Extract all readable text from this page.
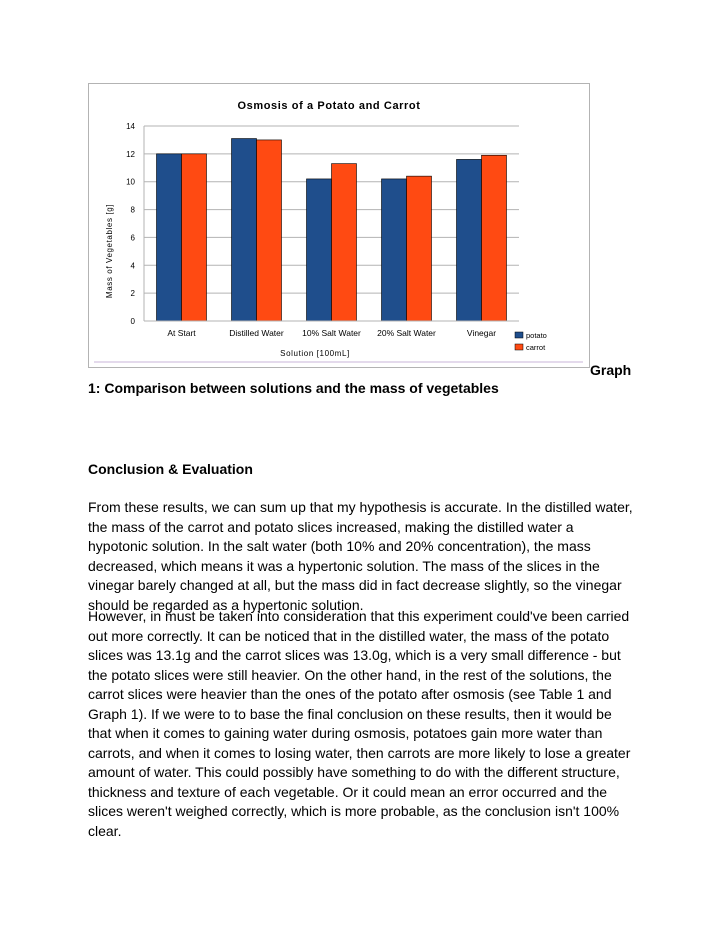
Osmosis of a Potato and Carrot
0
2
4
6
8
10
12
14
At Start	Distilled Water 10% Salt Water 20% Salt Water	Vinegar
Mass of Vegetables [g]
Solution [100mL]
potato
carrot
Graph
1: Comparison between solutions and the mass of vegetables
Conclusion & Evaluation

From these results, we can sum up that my hypothesis is accurate. In the distilled water,
the mass of the carrot and potato slices increased, making the distilled water a
hypotonic solution. In the salt water (both 10% and 20% concentration), the mass
decreased, which means it was a hypertonic solution. The mass of the slices in the
vinegar barely changed at all, but the mass did in fact decrease slightly, so the vinegar
should be regarded as a hypertonic solution.

However, in must be taken into consideration that this experiment could've been carried
out more correctly. It can be noticed that in the distilled water, the mass of the potato
slices was 13.1g and the carrot slices was 13.0g, which is a very small difference - but
the potato slices were still heavier. On the other hand, in the rest of the solutions, the
carrot slices were heavier than the ones of the potato after osmosis (see Table 1 and
Graph 1). If we were to to base the final conclusion on these results, then it would be
that when it comes to gaining water during osmosis, potatoes gain more water than
carrots, and when it comes to losing water, then carrots are more likely to lose a greater
amount of water. This could possibly have something to do with the different structure,
thickness and texture of each vegetable. Or it could mean an error occurred and the
slices weren't weighed correctly, which is more probable, as the conclusion isn't 100%
clear.
